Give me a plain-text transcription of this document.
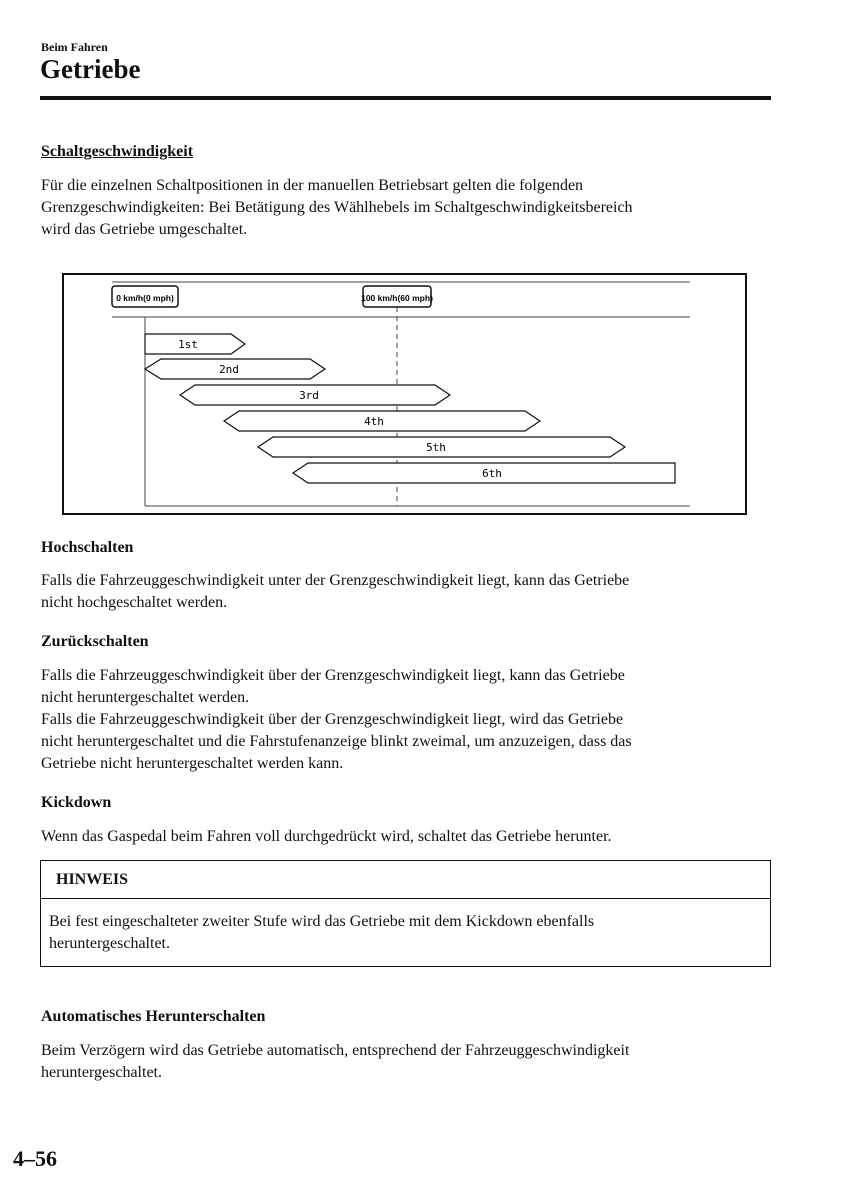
Beim Fahren
Getriebe
Schaltgeschwindigkeit
Für die einzelnen Schaltpositionen in der manuellen Betriebsart gelten die folgenden
Grenzgeschwindigkeiten: Bei Betätigung des Wählhebels im Schaltgeschwindigkeitsbereich
wird das Getriebe umgeschaltet.
0 km/h(0 mph)	100 km/h(60 mph)
1st
2nd
3rd
4th
5th
6th
Hochschalten
Falls die Fahrzeuggeschwindigkeit unter der Grenzgeschwindigkeit liegt, kann das Getriebe
nicht hochgeschaltet werden.
Zurückschalten
Falls die Fahrzeuggeschwindigkeit über der Grenzgeschwindigkeit liegt, kann das Getriebe
nicht heruntergeschaltet werden.
Falls die Fahrzeuggeschwindigkeit über der Grenzgeschwindigkeit liegt, wird das Getriebe
nicht heruntergeschaltet und die Fahrstufenanzeige blinkt zweimal, um anzuzeigen, dass das
Getriebe nicht heruntergeschaltet werden kann.
Kickdown
Wenn das Gaspedal beim Fahren voll durchgedrückt wird, schaltet das Getriebe herunter.
HINWEIS
Bei fest eingeschalteter zweiter Stufe wird das Getriebe mit dem Kickdown ebenfalls
heruntergeschaltet.
Automatisches Herunterschalten
Beim Verzögern wird das Getriebe automatisch, entsprechend der Fahrzeuggeschwindigkeit
heruntergeschaltet.
4–56
